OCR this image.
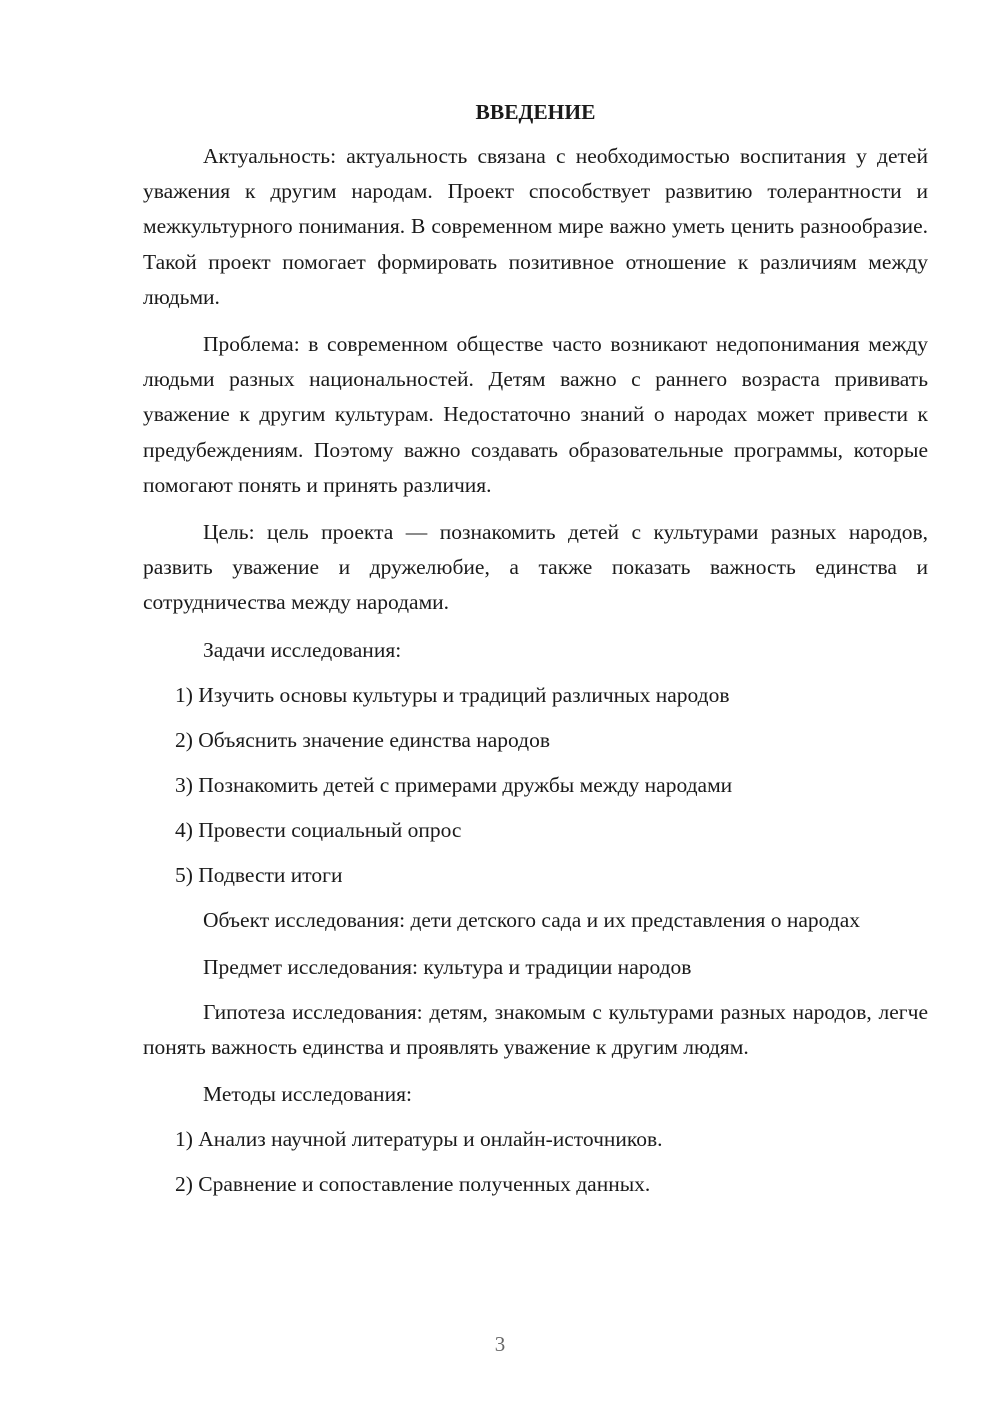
ВВЕДЕНИЕ

Актуальность: актуальность связана с необходимостью воспитания у детей уважения к другим народам. Проект способствует развитию толерантности и межкультурного понимания. В современном мире важно уметь ценить разнообразие. Такой проект помогает формировать позитивное отношение к различиям между людьми.

Проблема: в современном обществе часто возникают недопонимания между людьми разных национальностей. Детям важно с раннего возраста прививать уважение к другим культурам. Недостаточно знаний о народах может привести к предубеждениям. Поэтому важно создавать образовательные программы, которые помогают понять и принять различия.

Цель: цель проекта — познакомить детей с культурами разных народов, развить уважение и дружелюбие, а также показать важность единства и сотрудничества между народами.

Задачи исследования:

1) Изучить основы культуры и традиций различных народов
2) Объяснить значение единства народов
3) Познакомить детей с примерами дружбы между народами
4) Провести социальный опрос
5) Подвести итоги

Объект исследования: дети детского сада и их представления о народах

Предмет исследования: культура и традиции народов

Гипотеза исследования: детям, знакомым с культурами разных народов, легче понять важность единства и проявлять уважение к другим людям.

Методы исследования:

1) Анализ научной литературы и онлайн-источников.
2) Сравнение и сопоставление полученных данных.
3
